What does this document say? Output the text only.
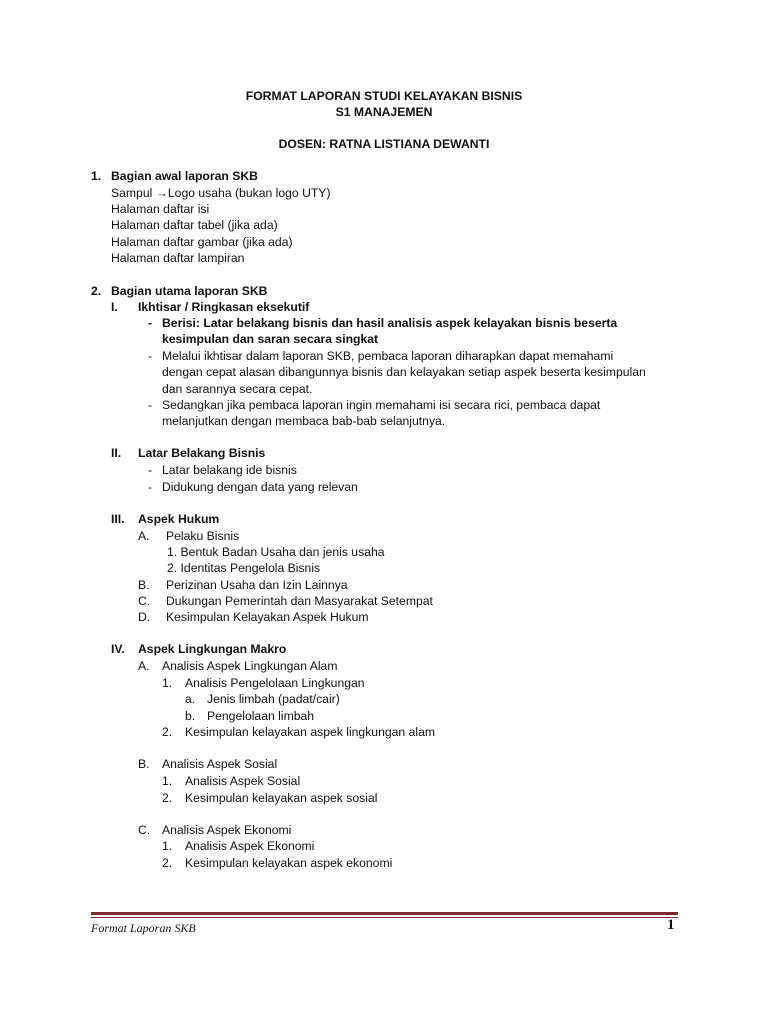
FORMAT LAPORAN STUDI KELAYAKAN BISNIS
S1 MANAJEMEN
DOSEN: RATNA LISTIANA DEWANTI
1. Bagian awal laporan SKB
Sampul →Logo usaha (bukan logo UTY)
Halaman daftar isi
Halaman daftar tabel (jika ada)
Halaman daftar gambar (jika ada)
Halaman daftar lampiran
2. Bagian utama laporan SKB
I. Ikhtisar / Ringkasan eksekutif
- Berisi: Latar belakang bisnis dan hasil analisis aspek kelayakan bisnis beserta
kesimpulan dan saran secara singkat
- Melalui ikhtisar dalam laporan SKB, pembaca laporan diharapkan dapat memahami
dengan cepat alasan dibangunnya bisnis dan kelayakan setiap aspek beserta kesimpulan
dan sarannya secara cepat.
- Sedangkan jika pembaca laporan ingin memahami isi secara rici, pembaca dapat
melanjutkan dengan membaca bab-bab selanjutnya.
II. Latar Belakang Bisnis
- Latar belakang ide bisnis
- Didukung dengan data yang relevan
III. Aspek Hukum
A. Pelaku Bisnis
1. Bentuk Badan Usaha dan jenis usaha
2. Identitas Pengelola Bisnis
B. Perizinan Usaha dan Izin Lainnya
C. Dukungan Pemerintah dan Masyarakat Setempat
D. Kesimpulan Kelayakan Aspek Hukum
IV. Aspek Lingkungan Makro
A. Analisis Aspek Lingkungan Alam
1. Analisis Pengelolaan Lingkungan
a. Jenis limbah (padat/cair)
b. Pengelolaan limbah
2. Kesimpulan kelayakan aspek lingkungan alam
B. Analisis Aspek Sosial
1. Analisis Aspek Sosial
2. Kesimpulan kelayakan aspek sosial
C. Analisis Aspek Ekonomi
1. Analisis Aspek Ekonomi
2. Kesimpulan kelayakan aspek ekonomi
Format Laporan SKB	1
